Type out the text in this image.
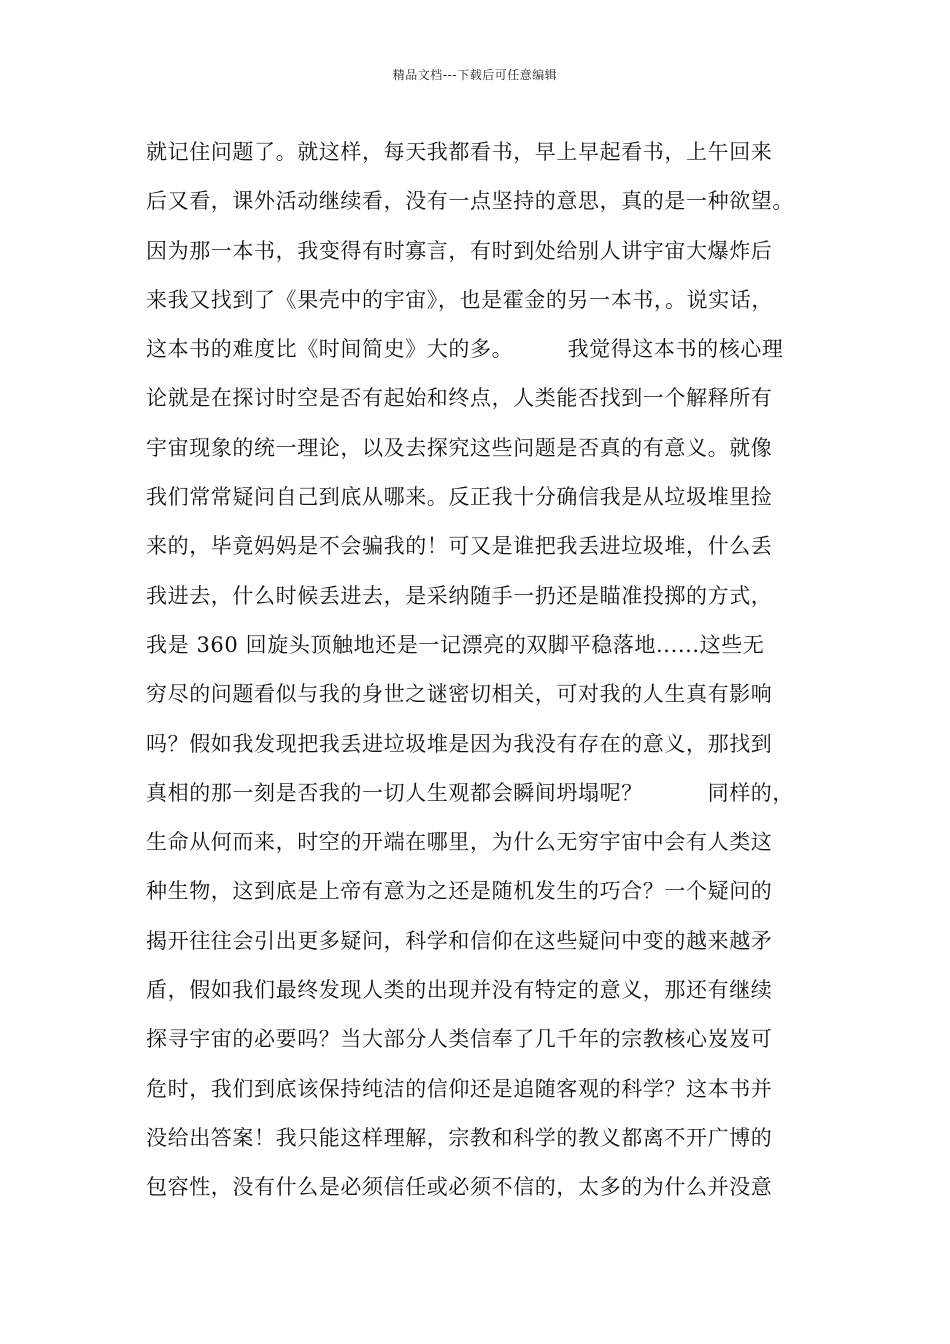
精品文档---下载后可任意编辑
就记住问题了。就这样，每天我都看书，早上早起看书，上午回来
后又看，课外活动继续看，没有一点坚持的意思，真的是一种欲望。
因为那一本书，我变得有时寡言，有时到处给别人讲宇宙大爆炸后
来我又找到了《果壳中的宇宙》，也是霍金的另一本书，。说实话，
这本书的难度比《时间简史》大的多。　　　我觉得这本书的核心理
论就是在探讨时空是否有起始和终点，人类能否找到一个解释所有
宇宙现象的统一理论，以及去探究这些问题是否真的有意义。就像
我们常常疑问自己到底从哪来。反正我十分确信我是从垃圾堆里捡
来的，毕竟妈妈是不会骗我的！可又是谁把我丢进垃圾堆，什么丢
我进去，什么时候丢进去，是采纳随手一扔还是瞄准投掷的方式，
我是 360 回旋头顶触地还是一记漂亮的双脚平稳落地......这些无
穷尽的问题看似与我的身世之谜密切相关，可对我的人生真有影响
吗？假如我发现把我丢进垃圾堆是因为我没有存在的意义，那找到
真相的那一刻是否我的一切人生观都会瞬间坍塌呢？　　　同样的，
生命从何而来，时空的开端在哪里，为什么无穷宇宙中会有人类这
种生物，这到底是上帝有意为之还是随机发生的巧合？一个疑问的
揭开往往会引出更多疑问，科学和信仰在这些疑问中变的越来越矛
盾，假如我们最终发现人类的出现并没有特定的意义，那还有继续
探寻宇宙的必要吗？当大部分人类信奉了几千年的宗教核心岌岌可
危时，我们到底该保持纯洁的信仰还是追随客观的科学？这本书并
没给出答案！我只能这样理解，宗教和科学的教义都离不开广博的
包容性，没有什么是必须信任或必须不信的，太多的为什么并没意
